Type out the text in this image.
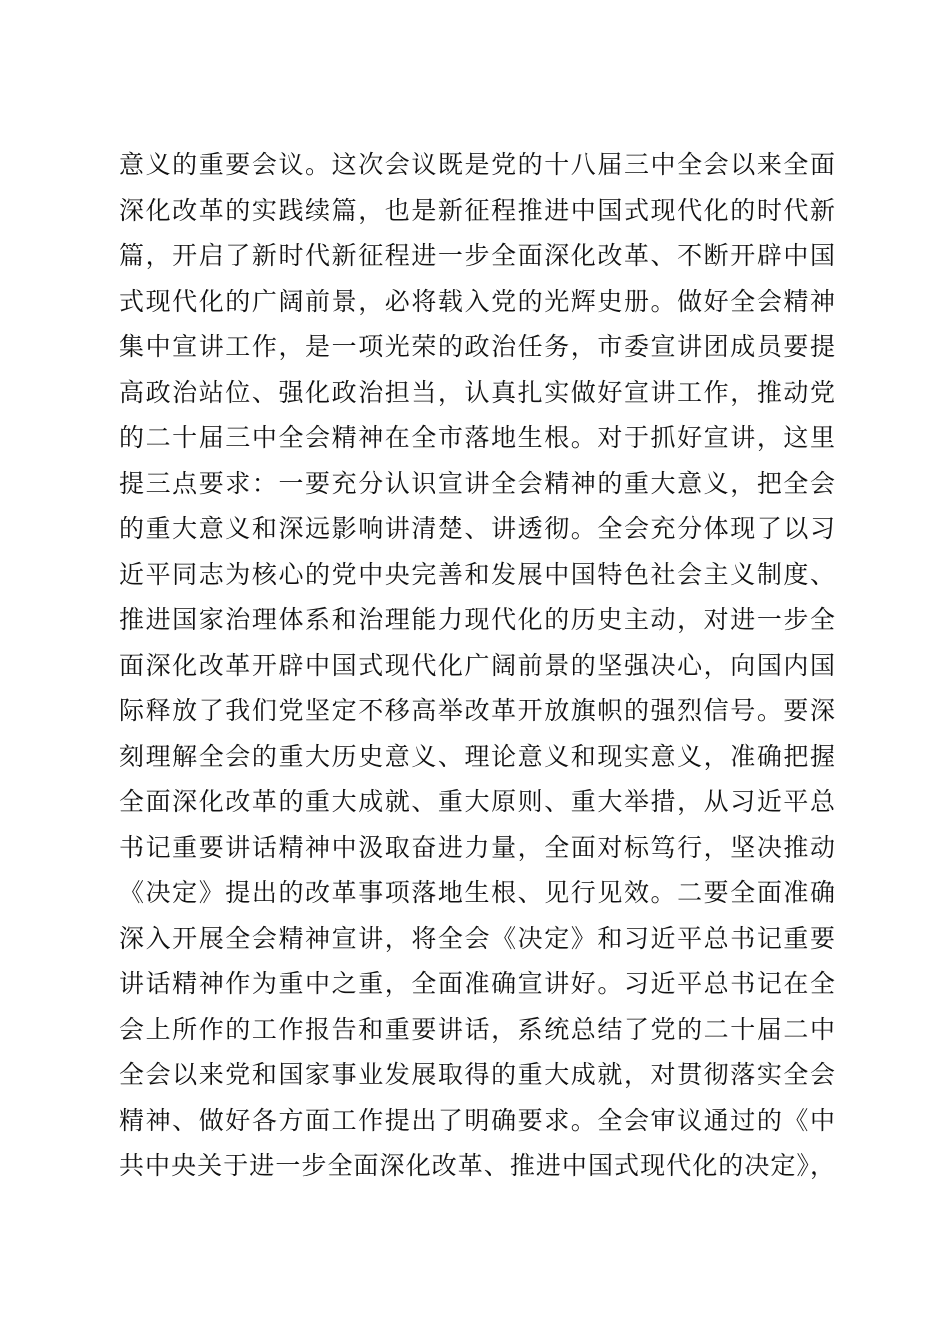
意义的重要会议。这次会议既是党的十八届三中全会以来全面
深化改革的实践续篇，也是新征程推进中国式现代化的时代新
篇，开启了新时代新征程进一步全面深化改革、不断开辟中国
式现代化的广阔前景，必将载入党的光辉史册。做好全会精神
集中宣讲工作，是一项光荣的政治任务，市委宣讲团成员要提
高政治站位、强化政治担当，认真扎实做好宣讲工作，推动党
的二十届三中全会精神在全市落地生根。对于抓好宣讲，这里
提三点要求：一要充分认识宣讲全会精神的重大意义，把全会
的重大意义和深远影响讲清楚、讲透彻。全会充分体现了以习
近平同志为核心的党中央完善和发展中国特色社会主义制度、
推进国家治理体系和治理能力现代化的历史主动，对进一步全
面深化改革开辟中国式现代化广阔前景的坚强决心，向国内国
际释放了我们党坚定不移高举改革开放旗帜的强烈信号。要深
刻理解全会的重大历史意义、理论意义和现实意义，准确把握
全面深化改革的重大成就、重大原则、重大举措，从习近平总
书记重要讲话精神中汲取奋进力量，全面对标笃行，坚决推动
《决定》提出的改革事项落地生根、见行见效。二要全面准确
深入开展全会精神宣讲，将全会《决定》和习近平总书记重要
讲话精神作为重中之重，全面准确宣讲好。习近平总书记在全
会上所作的工作报告和重要讲话，系统总结了党的二十届二中
全会以来党和国家事业发展取得的重大成就，对贯彻落实全会
精神、做好各方面工作提出了明确要求。全会审议通过的《中
共中央关于进一步全面深化改革、推进中国式现代化的决定》，
